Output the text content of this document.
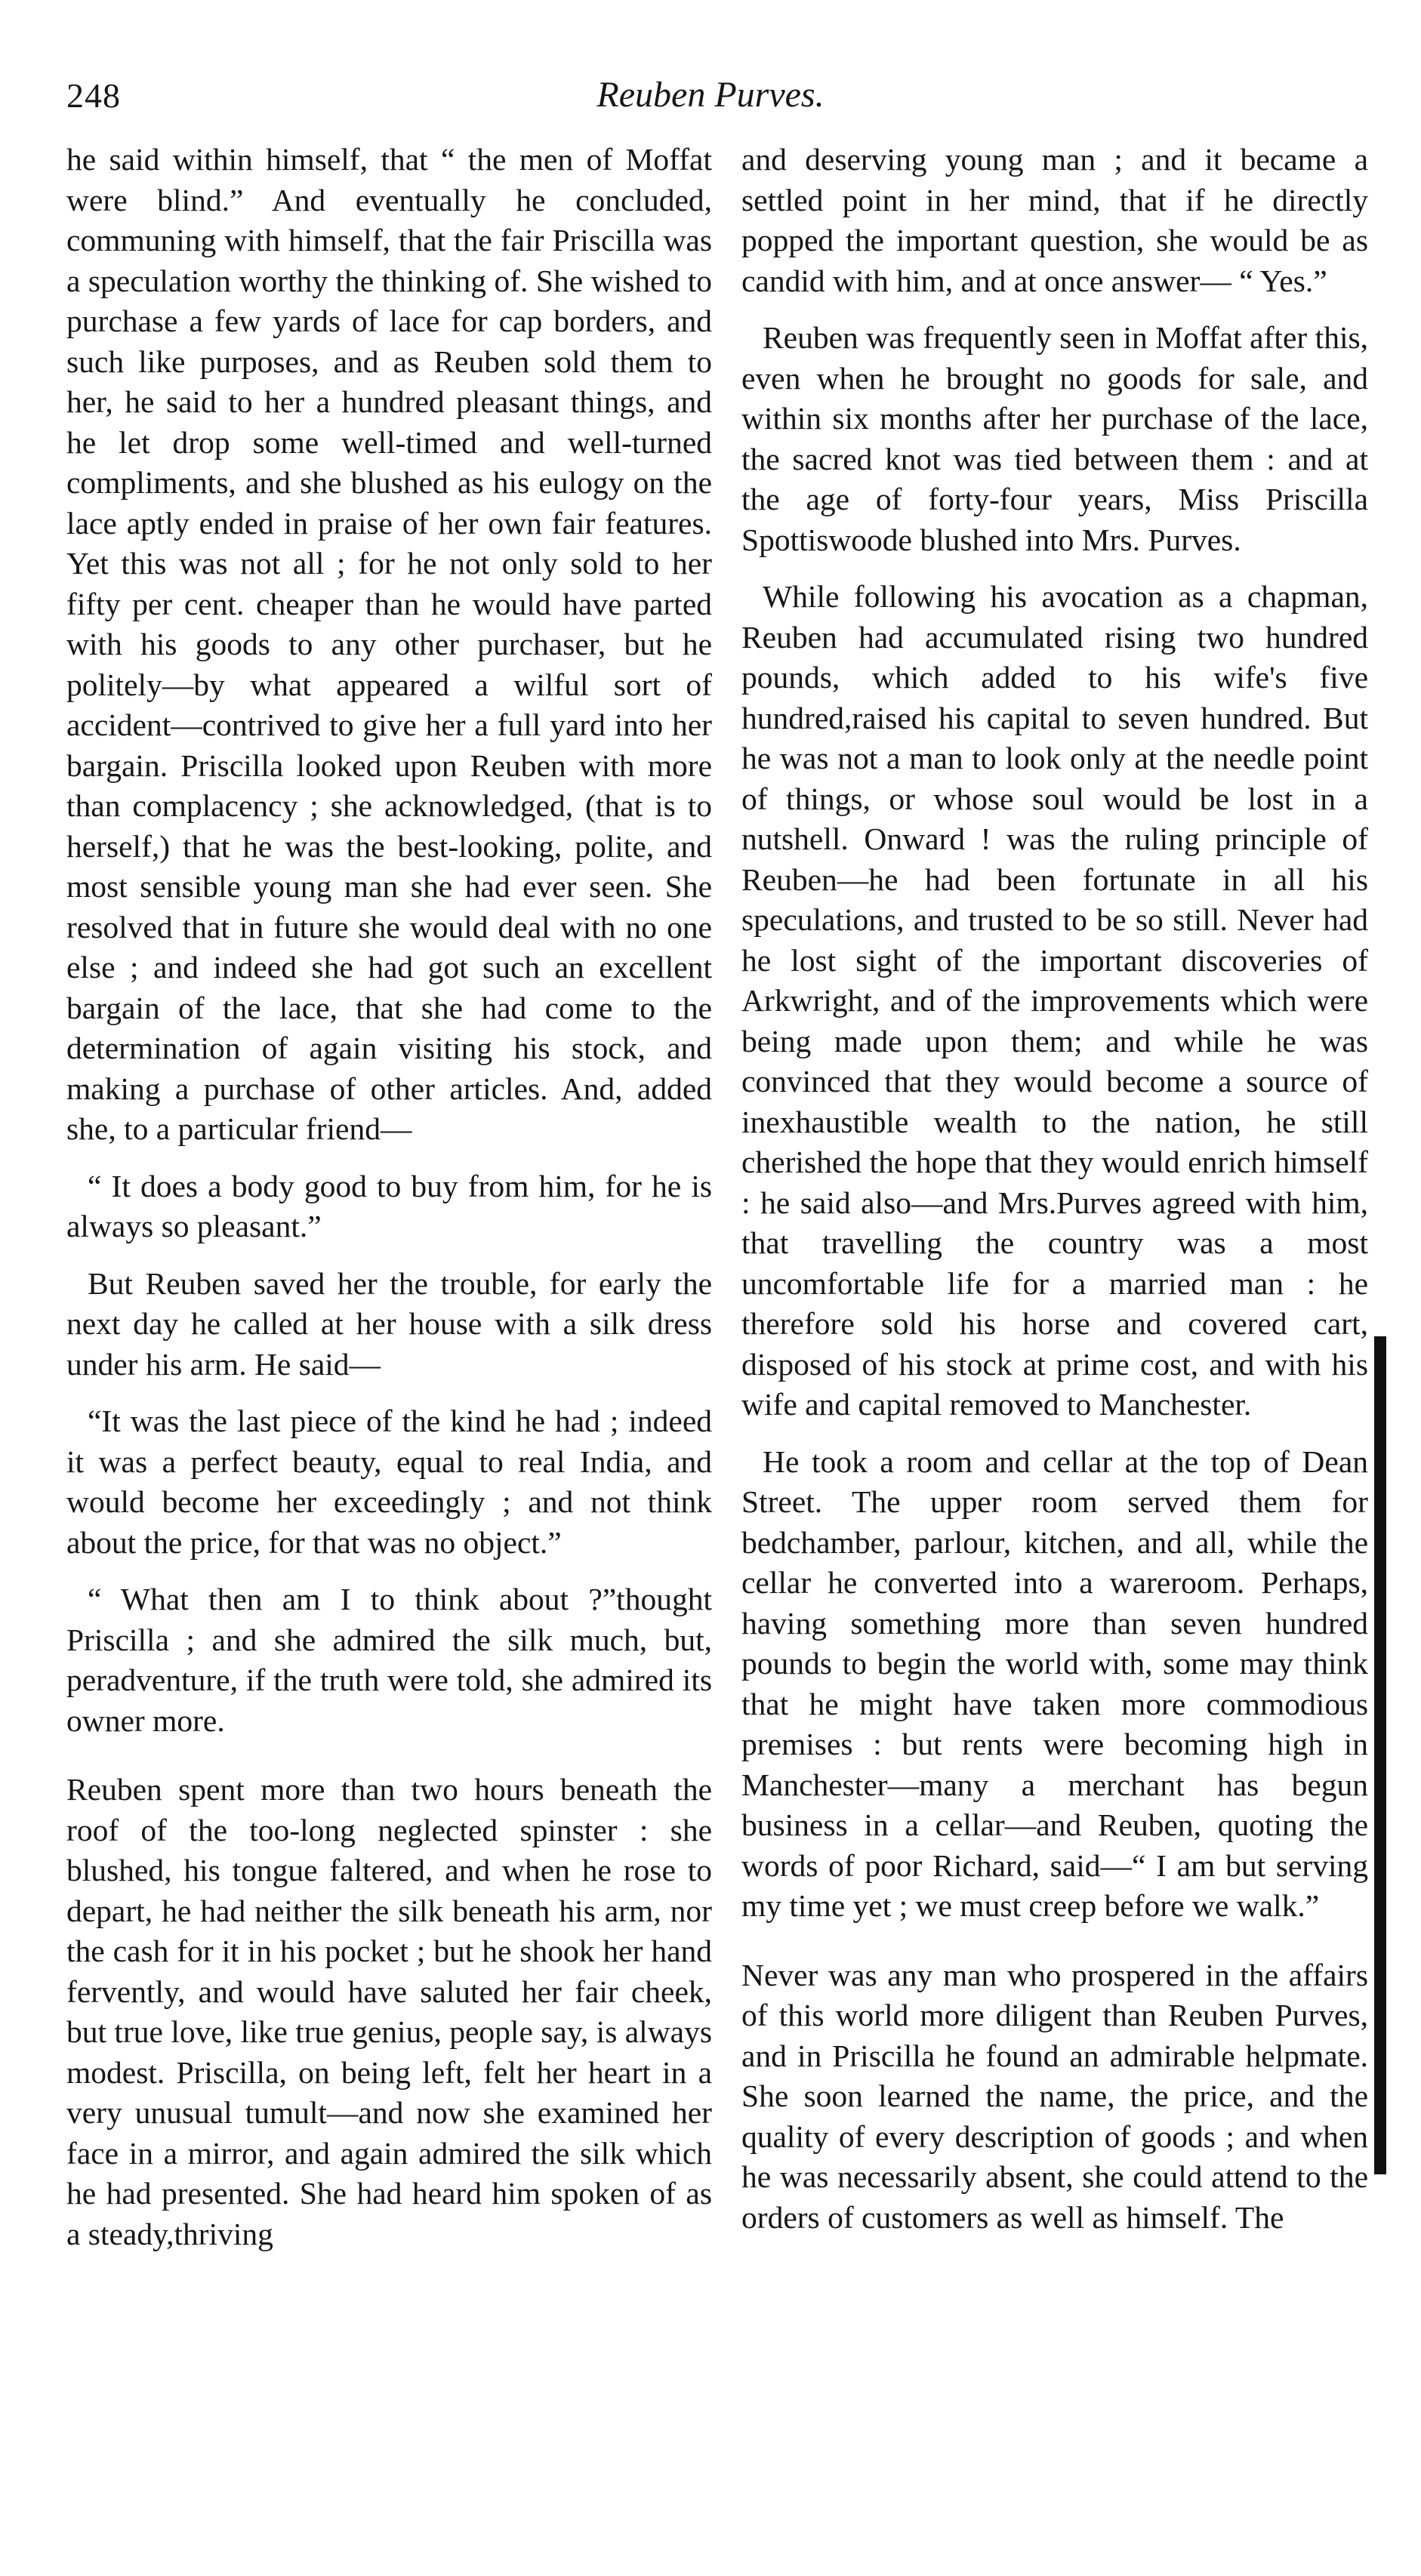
248	Reuben Purves.

he said within himself, that “ the men of Moffat were blind.” And eventually he concluded, communing with himself, that the fair Priscilla was a speculation worthy the thinking of. She wished to purchase a few yards of lace for cap borders, and such like purposes, and as Reuben sold them to her, he said to her a hundred pleasant things, and he let drop some well-timed and well-turned compliments, and she blushed as his eulogy on the lace aptly ended in praise of her own fair features. Yet this was not all ; for he not only sold to her fifty per cent. cheaper than he would have parted with his goods to any other purchaser, but he politely—by what appeared a wilful sort of accident—contrived to give her a full yard into her bargain. Priscilla looked upon Reuben with more than complacency ; she acknowledged, (that is to herself,) that he was the best-looking, polite, and most sensible young man she had ever seen. She resolved that in future she would deal with no one else ; and indeed she had got such an excellent bargain of the lace, that she had come to the determination of again visiting his stock, and making a purchase of other articles. And, added she, to a particular friend—

“ It does a body good to buy from him, for he is always so pleasant.”

But Reuben saved her the trouble, for early the next day he called at her house with a silk dress under his arm. He said—

“It was the last piece of the kind he had ; indeed it was a perfect beauty, equal to real India, and would become her exceedingly ; and not think about the price, for that was no object.”

“ What then am I to think about ?”thought Priscilla ; and she admired the silk much, but, peradventure, if the truth were told, she admired its owner more.

Reuben spent more than two hours beneath the roof of the too-long neglected spinster : she blushed, his tongue faltered, and when he rose to depart, he had neither the silk beneath his arm, nor the cash for it in his pocket ; but he shook her hand fervently, and would have saluted her fair cheek, but true love, like true genius, people say, is always modest. Priscilla, on being left, felt her heart in a very unusual tumult—and now she examined her face in a mirror, and again admired the silk which he had presented. She had heard him spoken of as a steady,thriving

and deserving young man ; and it became a settled point in her mind, that if he directly popped the important question, she would be as candid with him, and at once answer— “ Yes.”

Reuben was frequently seen in Moffat after this, even when he brought no goods for sale, and within six months after her purchase of the lace, the sacred knot was tied between them : and at the age of forty-four years, Miss Priscilla Spottiswoode blushed into Mrs. Purves.

While following his avocation as a chapman, Reuben had accumulated rising two hundred pounds, which added to his wife's five hundred,raised his capital to seven hundred. But he was not a man to look only at the needle point of things, or whose soul would be lost in a nutshell. Onward ! was the ruling principle of Reuben—he had been fortunate in all his speculations, and trusted to be so still. Never had he lost sight of the important discoveries of Arkwright, and of the improvements which were being made upon them; and while he was convinced that they would become a source of inexhaustible wealth to the nation, he still cherished the hope that they would enrich himself : he said also—and Mrs.Purves agreed with him, that travelling the country was a most uncomfortable life for a married man : he therefore sold his horse and covered cart, disposed of his stock at prime cost, and with his wife and capital removed to Manchester.

He took a room and cellar at the top of Dean Street. The upper room served them for bedchamber, parlour, kitchen, and all, while the cellar he converted into a wareroom. Perhaps, having something more than seven hundred pounds to begin the world with, some may think that he might have taken more commodious premises : but rents were becoming high in Manchester—many a merchant has begun business in a cellar—and Reuben, quoting the words of poor Richard, said—“ I am but serving my time yet ; we must creep before we walk.”

Never was any man who prospered in the affairs of this world more diligent than Reuben Purves, and in Priscilla he found an admirable helpmate. She soon learned the name, the price, and the quality of every description of goods ; and when he was necessarily absent, she could attend to the orders of customers as well as himself. The
